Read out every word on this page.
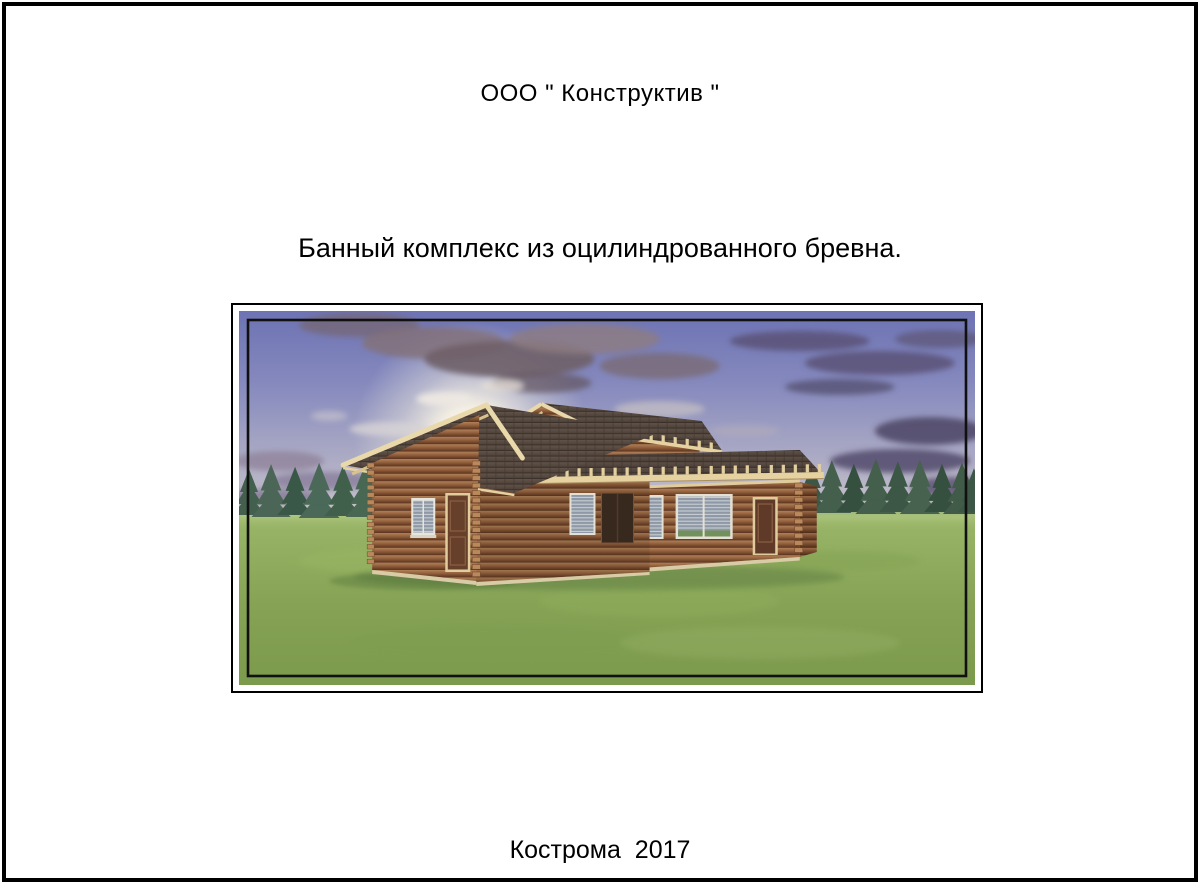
ООО " Конструктив "

Банный комплекс из оцилиндрованного бревна.

Кострома  2017
